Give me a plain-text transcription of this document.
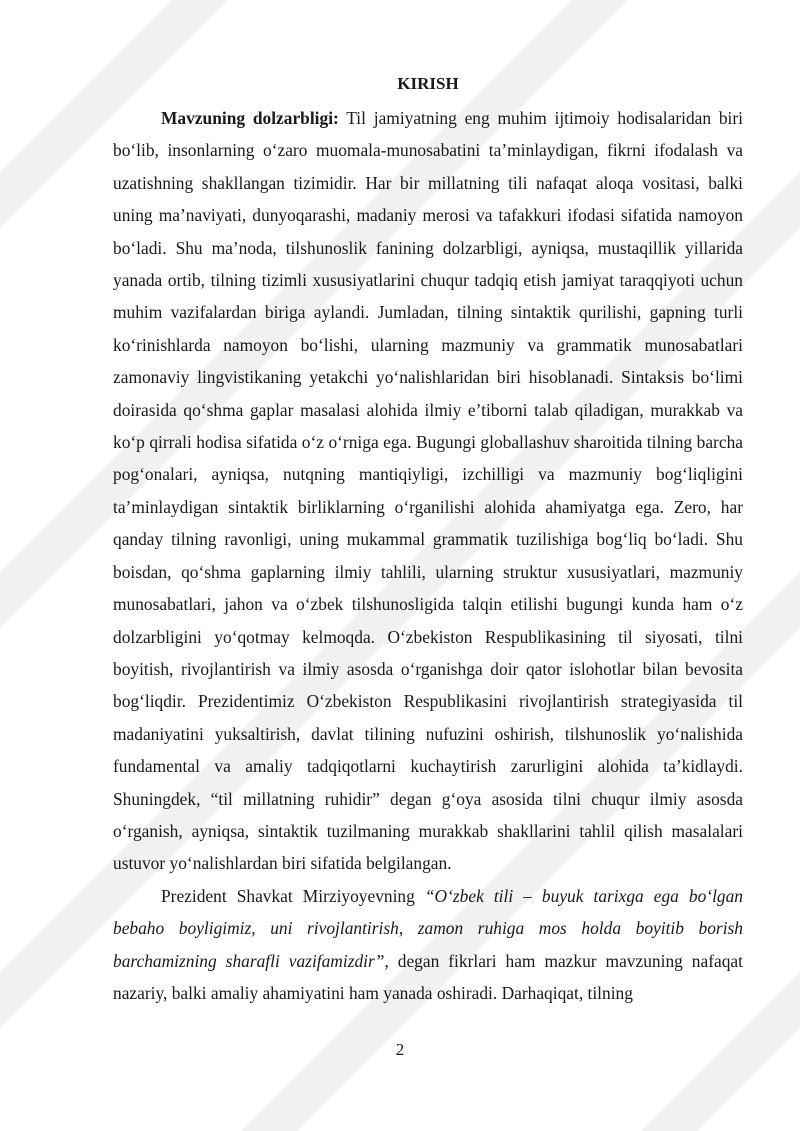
KIRISH

Mavzuning dolzarbligi: Til jamiyatning eng muhim ijtimoiy hodisalaridan biri bo‘lib, insonlarning o‘zaro muomala-munosabatini ta’minlaydigan, fikrni ifodalash va uzatishning shakllangan tizimidir. Har bir millatning tili nafaqat aloqa vositasi, balki uning ma’naviyati, dunyoqarashi, madaniy merosi va tafakkuri ifodasi sifatida namoyon bo‘ladi. Shu ma’noda, tilshunoslik fanining dolzarbligi, ayniqsa, mustaqillik yillarida yanada ortib, tilning tizimli xususiyatlarini chuqur tadqiq etish jamiyat taraqqiyoti uchun muhim vazifalardan biriga aylandi. Jumladan, tilning sintaktik qurilishi, gapning turli ko‘rinishlarda namoyon bo‘lishi, ularning mazmuniy va grammatik munosabatlari zamonaviy lingvistikaning yetakchi yo‘nalishlaridan biri hisoblanadi. Sintaksis bo‘limi doirasida qo‘shma gaplar masalasi alohida ilmiy e’tiborni talab qiladigan, murakkab va ko‘p qirrali hodisa sifatida o‘z o‘rniga ega. Bugungi globallashuv sharoitida tilning barcha pog‘onalari, ayniqsa, nutqning mantiqiyligi, izchilligi va mazmuniy bog‘liqligini ta’minlaydigan sintaktik birliklarning o‘rganilishi alohida ahamiyatga ega. Zero, har qanday tilning ravonligi, uning mukammal grammatik tuzilishiga bog‘liq bo‘ladi. Shu boisdan, qo‘shma gaplarning ilmiy tahlili, ularning struktur xususiyatlari, mazmuniy munosabatlari, jahon va o‘zbek tilshunosligida talqin etilishi bugungi kunda ham o‘z dolzarbligini yo‘qotmay kelmoqda. O‘zbekiston Respublikasining til siyosati, tilni boyitish, rivojlantirish va ilmiy asosda o‘rganishga doir qator islohotlar bilan bevosita bog‘liqdir. Prezidentimiz O‘zbekiston Respublikasini rivojlantirish strategiyasida til madaniyatini yuksaltirish, davlat tilining nufuzini oshirish, tilshunoslik yo‘nalishida fundamental va amaliy tadqiqotlarni kuchaytirish zarurligini alohida ta’kidlaydi. Shuningdek, “til millatning ruhidir” degan g‘oya asosida tilni chuqur ilmiy asosda o‘rganish, ayniqsa, sintaktik tuzilmaning murakkab shakllarini tahlil qilish masalalari ustuvor yo‘nalishlardan biri sifatida belgilangan.

Prezident Shavkat Mirziyoyevning “O‘zbek tili – buyuk tarixga ega bo‘lgan bebaho boyligimiz, uni rivojlantirish, zamon ruhiga mos holda boyitib borish barchamizning sharafli vazifamizdir”, degan fikrlari ham mazkur mavzuning nafaqat nazariy, balki amaliy ahamiyatini ham yanada oshiradi. Darhaqiqat, tilning

2
